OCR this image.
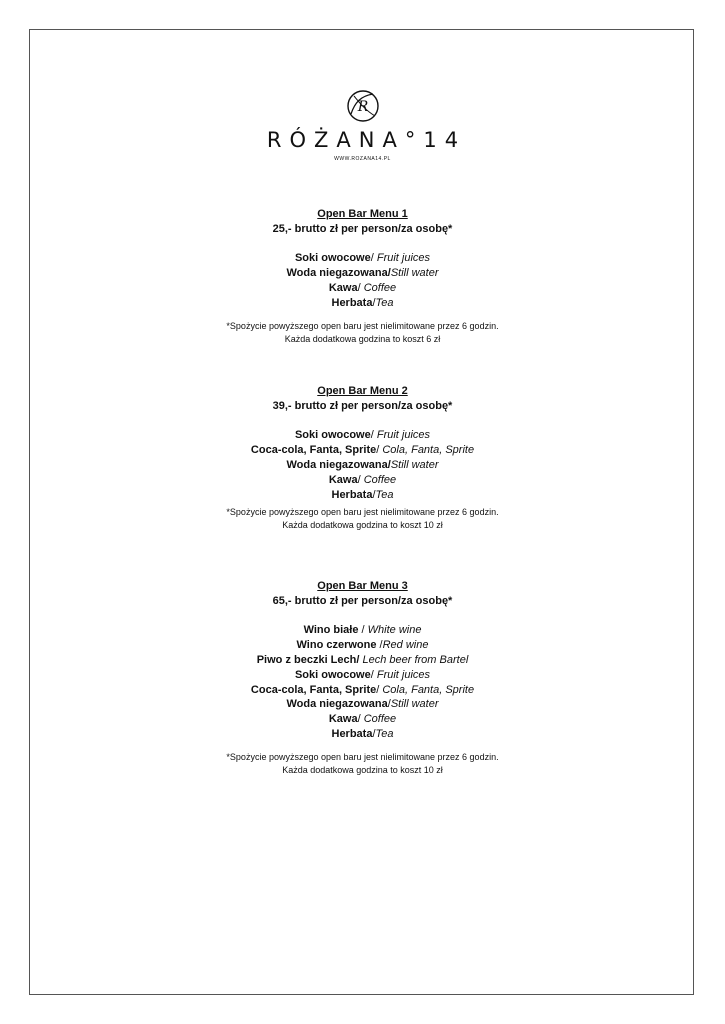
R
RÓŻANA°14
WWW.ROZANA14.PL
Open Bar Menu 1
25,- brutto zł per person/za osobę*
Soki owocowe/ Fruit juices
Woda niegazowana/Still water
Kawa/ Coffee
Herbata/Tea
*Spożycie powyższego open baru jest nielimitowane przez 6 godzin.
Każda dodatkowa godzina to koszt 6 zł
Open Bar Menu 2
39,- brutto zł per person/za osobę*
Soki owocowe/ Fruit juices
Coca-cola, Fanta, Sprite/ Cola, Fanta, Sprite
Woda niegazowana/Still water
Kawa/ Coffee
Herbata/Tea
*Spożycie powyższego open baru jest nielimitowane przez 6 godzin.
Każda dodatkowa godzina to koszt 10 zł
Open Bar Menu 3
65,- brutto zł per person/za osobę*
Wino białe / White wine
Wino czerwone /Red wine
Piwo z beczki Lech/ Lech beer from Bartel
Soki owocowe/ Fruit juices
Coca-cola, Fanta, Sprite/ Cola, Fanta, Sprite
Woda niegazowana/Still water
Kawa/ Coffee
Herbata/Tea
*Spożycie powyższego open baru jest nielimitowane przez 6 godzin.
Każda dodatkowa godzina to koszt 10 zł
